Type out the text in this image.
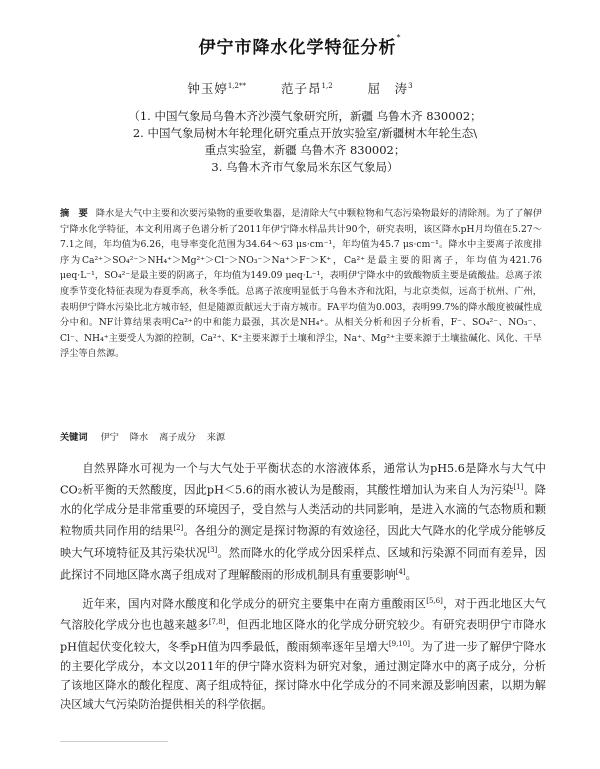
伊宁市降水化学特征分析*
钟玉婷$^{1,2**}$	范子昂$^{1,2}$	屈　涛$^3$
（1. 中国气象局乌鲁木齐沙漠气象研究所，新疆 乌鲁木齐 830002；
2. 中国气象局树木年轮理化研究重点开放实验室/新疆树木年轮生态\
重点实验室，新疆 乌鲁木齐 830002；
3. 乌鲁木齐市气象局米东区气象局）
摘　要 降水是大气中主要和次要污染物的重要收集器，是清除大气中颗粒物和气态污染物最好的清除剂。为了了解伊宁降水化学特征，本文利用离子色谱分析了2011年伊宁降水样品共计90个，研究表明，该区降水pH月均值在5.27～7.1之间，年均值为6.26，电导率变化范围为34.64～63 μs·cm⁻¹，年均值为45.7 μs·cm⁻¹。降水中主要离子浓度排序为Ca²⁺＞SO₄²⁻＞NH₄⁺＞Mg²⁺＞Cl⁻＞NO₃⁻＞Na⁺＞F⁻＞K⁺，Ca²⁺是最主要的阳离子，年均值为421.76 μeq·L⁻¹，SO₄²⁻是最主要的阴离子，年均值为149.09 μeq·L⁻¹，表明伊宁降水中的致酸物质主要是硫酸盐。总离子浓度季节变化特征表现为春夏季高，秋冬季低。总离子浓度明显低于乌鲁木齐和沈阳，与北京类似，远高于杭州、广州，表明伊宁降水污染比北方城市轻，但是随源贡献远大于南方城市。FA平均值为0.003，表明99.7%的降水酸度被碱性成分中和。NF计算结果表明Ca²⁺的中和能力最强，其次是NH₄⁺。从相关分析和因子分析看，F⁻、SO₄²⁻、NO₃⁻、Cl⁻、NH₄⁺主要受人为源的控制，Ca²⁺、K⁺主要来源于土壤和浮尘，Na⁺、Mg²⁺主要来源于土壤盐碱化、风化、干旱浮尘等自然源。
关键词 伊宁 降水 离子成分 来源

自然界降水可视为一个与大气处于平衡状态的水溶液体系，通常认为pH5.6是降水与大气中CO₂析平衡的天然酸度，因此pH＜5.6的雨水被认为是酸雨，其酸性增加认为来自人为污染[1]。降水的化学成分是非常重要的环境因子，受自然与人类活动的共同影响，是进入水滴的气态物质和颗粒物质共同作用的结果[2]。各组分的测定是探讨物源的有效途径，因此大气降水的化学成分能够反映大气环境特征及其污染状况[3]。然而降水的化学成分因采样点、区域和污染源不同而有差异，因此探讨不同地区降水离子组成对了理解酸雨的形成机制具有重要影响[4]。

近年来，国内对降水酸度和化学成分的研究主要集中在南方重酸雨区[5,6]，对于西北地区大气气溶胶化学成分也也越来越多[7,8]，但西北地区降水的化学成分研究较少。有研究表明伊宁市降水pH值起伏变化较大，冬季pH值为四季最低，酸雨频率逐年呈增大[9,10]。为了进一步了解伊宁降水的主要化学成分，本文以2011年的伊宁降水资料为研究对象，通过测定降水中的离子成分，分析了该地区降水的酸化程度、离子组成特征，探讨降水中化学成分的不同来源及影响因素，以期为解决区域大气污染防治提供相关的科学依据。
